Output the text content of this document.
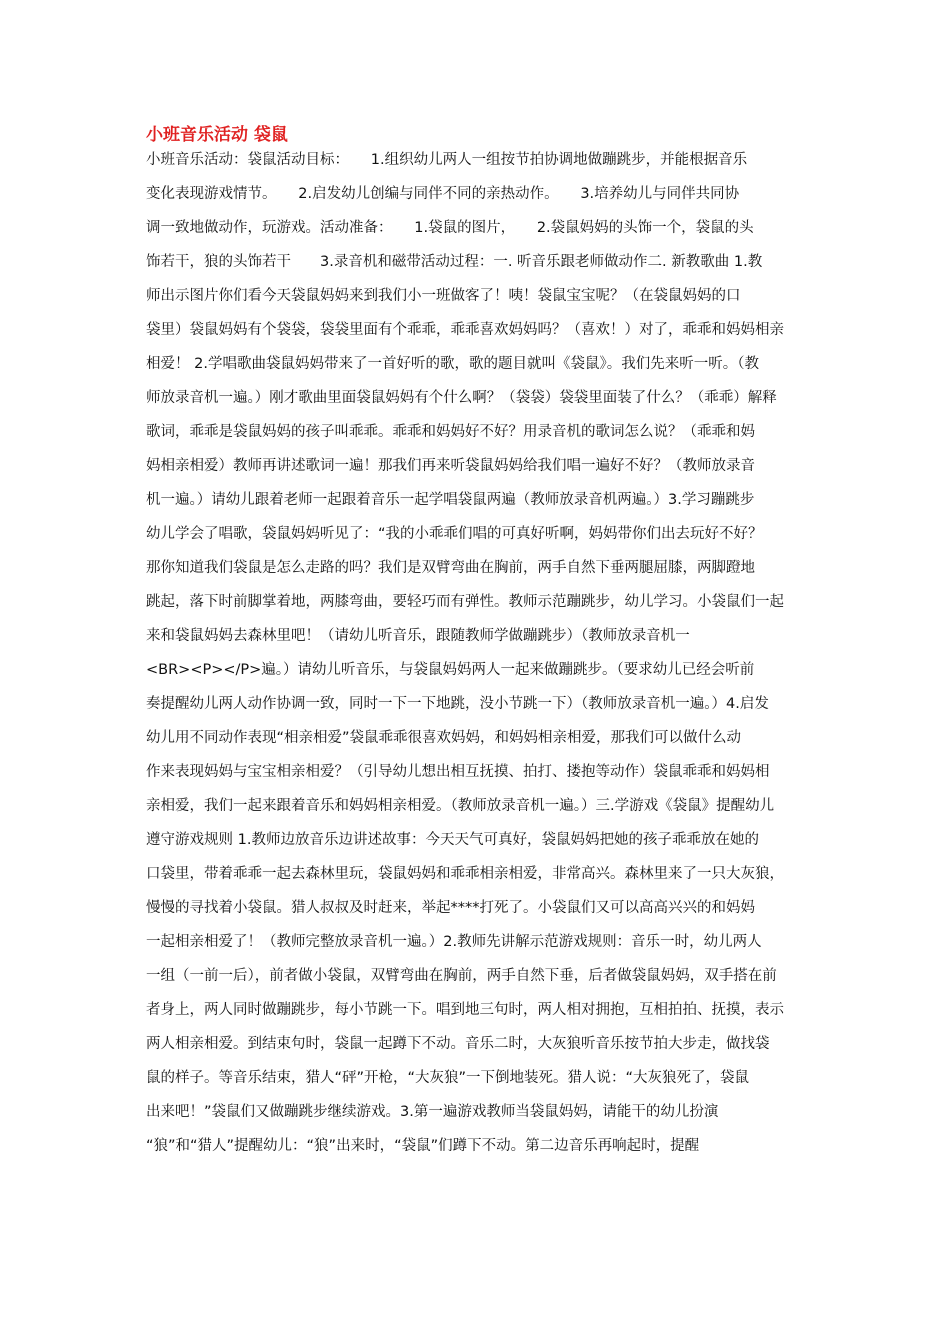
小班音乐活动 袋鼠
小班音乐活动：袋鼠活动目标：　　1.组织幼儿两人一组按节拍协调地做蹦跳步，并能根据音乐
变化表现游戏情节。　　2.启发幼儿创编与同伴不同的亲热动作。　　3.培养幼儿与同伴共同协
调一致地做动作，玩游戏。活动准备：　　1.袋鼠的图片，　　2.袋鼠妈妈的头饰一个，袋鼠的头
饰若干，狼的头饰若干　　3.录音机和磁带活动过程：一. 听音乐跟老师做动作二. 新教歌曲 1.教
师出示图片你们看今天袋鼠妈妈来到我们小一班做客了！咦！袋鼠宝宝呢？（在袋鼠妈妈的口
袋里）袋鼠妈妈有个袋袋，袋袋里面有个乖乖，乖乖喜欢妈妈吗？（喜欢！）对了，乖乖和妈妈相亲
相爱！ 2.学唱歌曲袋鼠妈妈带来了一首好听的歌，歌的题目就叫《袋鼠》。我们先来听一听。（教
师放录音机一遍。）刚才歌曲里面袋鼠妈妈有个什么啊？（袋袋）袋袋里面装了什么？（乖乖）解释
歌词，乖乖是袋鼠妈妈的孩子叫乖乖。乖乖和妈妈好不好？用录音机的歌词怎么说？（乖乖和妈
妈相亲相爱）教师再讲述歌词一遍！那我们再来听袋鼠妈妈给我们唱一遍好不好？（教师放录音
机一遍。）请幼儿跟着老师一起跟着音乐一起学唱袋鼠两遍（教师放录音机两遍。）3.学习蹦跳步
幼儿学会了唱歌，袋鼠妈妈听见了：“我的小乖乖们唱的可真好听啊，妈妈带你们出去玩好不好？
那你知道我们袋鼠是怎么走路的吗？我们是双臂弯曲在胸前，两手自然下垂两腿屈膝，两脚蹬地
跳起，落下时前脚掌着地，两膝弯曲，要轻巧而有弹性。教师示范蹦跳步，幼儿学习。小袋鼠们一起
来和袋鼠妈妈去森林里吧！（请幼儿听音乐，跟随教师学做蹦跳步）（教师放录音机一
<BR><P></P>遍。）请幼儿听音乐，与袋鼠妈妈两人一起来做蹦跳步。（要求幼儿已经会听前
奏提醒幼儿两人动作协调一致，同时一下一下地跳，没小节跳一下）（教师放录音机一遍。）4.启发
幼儿用不同动作表现“相亲相爱”袋鼠乖乖很喜欢妈妈，和妈妈相亲相爱，那我们可以做什么动
作来表现妈妈与宝宝相亲相爱？（引导幼儿想出相互抚摸、拍打、搂抱等动作）袋鼠乖乖和妈妈相
亲相爱，我们一起来跟着音乐和妈妈相亲相爱。（教师放录音机一遍。）三.学游戏《袋鼠》提醒幼儿
遵守游戏规则 1.教师边放音乐边讲述故事：今天天气可真好，袋鼠妈妈把她的孩子乖乖放在她的
口袋里，带着乖乖一起去森林里玩，袋鼠妈妈和乖乖相亲相爱，非常高兴。森林里来了一只大灰狼，
慢慢的寻找着小袋鼠。猎人叔叔及时赶来，举起****打死了。小袋鼠们又可以高高兴兴的和妈妈
一起相亲相爱了！（教师完整放录音机一遍。）2.教师先讲解示范游戏规则：音乐一时，幼儿两人
一组（一前一后），前者做小袋鼠，双臂弯曲在胸前，两手自然下垂，后者做袋鼠妈妈，双手搭在前
者身上，两人同时做蹦跳步，每小节跳一下。唱到地三句时，两人相对拥抱，互相拍拍、抚摸，表示
两人相亲相爱。到结束句时，袋鼠一起蹲下不动。音乐二时，大灰狼听音乐按节拍大步走，做找袋
鼠的样子。等音乐结束，猎人“砰”开枪，“大灰狼”一下倒地装死。猎人说：“大灰狼死了，袋鼠
出来吧！”袋鼠们又做蹦跳步继续游戏。3.第一遍游戏教师当袋鼠妈妈，请能干的幼儿扮演
“狼”和“猎人”提醒幼儿：“狼”出来时，“袋鼠”们蹲下不动。第二边音乐再响起时，提醒
